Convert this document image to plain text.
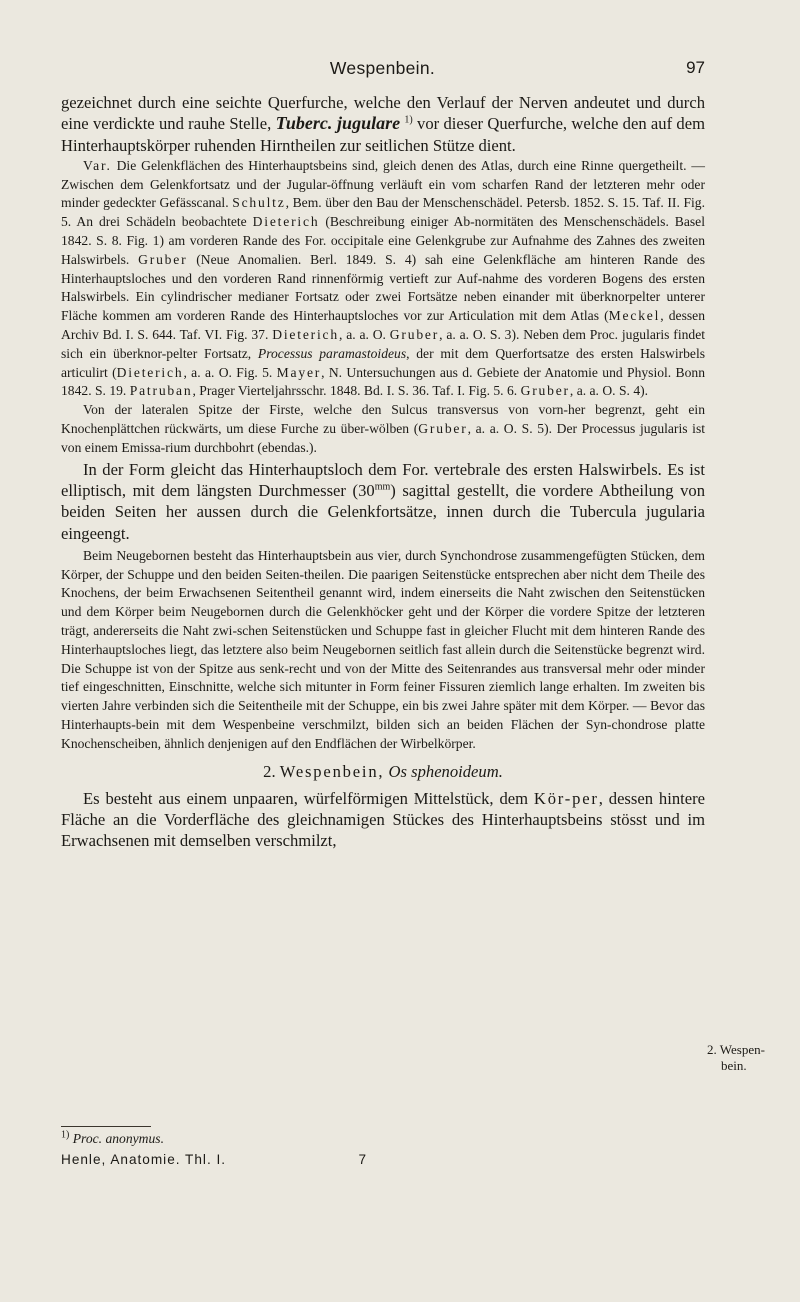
Wespenbein.	97

gezeichnet durch eine seichte Querfurche, welche den Verlauf der Nerven andeutet und durch eine verdickte und rauhe Stelle, Tuberc. jugulare $^{1)}$ vor dieser Querfurche, welche den auf dem Hinterhauptskörper ruhenden Hirntheilen zur seitlichen Stütze dient.

Var. Die Gelenkflächen des Hinterhauptsbeins sind, gleich denen des Atlas, durch eine Rinne quergetheilt. — Zwischen dem Gelenkfortsatz und der Jugular-öffnung verläuft ein vom scharfen Rand der letzteren mehr oder minder gedeckter Gefässcanal. Schultz, Bem. über den Bau der Menschenschädel. Petersb. 1852. S. 15. Taf. II. Fig. 5. An drei Schädeln beobachtete Dieterich (Beschreibung einiger Ab-normitäten des Menschenschädels. Basel 1842. S. 8. Fig. 1) am vorderen Rande des For. occipitale eine Gelenkgrube zur Aufnahme des Zahnes des zweiten Halswirbels. Gruber (Neue Anomalien. Berl. 1849. S. 4) sah eine Gelenkfläche am hinteren Rande des Hinterhauptsloches und den vorderen Rand rinnenförmig vertieft zur Auf-nahme des vorderen Bogens des ersten Halswirbels. Ein cylindrischer medianer Fortsatz oder zwei Fortsätze neben einander mit überknorpelter unterer Fläche kommen am vorderen Rande des Hinterhauptsloches vor zur Articulation mit dem Atlas (Meckel, dessen Archiv Bd. I. S. 644. Taf. VI. Fig. 37. Dieterich, a. a. O. Gruber, a. a. O. S. 3). Neben dem Proc. jugularis findet sich ein überknor-pelter Fortsatz, Processus paramastoideus, der mit dem Querfortsatze des ersten Halswirbels articulirt (Dieterich, a. a. O. Fig. 5. Mayer, N. Untersuchungen aus d. Gebiete der Anatomie und Physiol. Bonn 1842. S. 19. Patruban, Prager Vierteljahrsschr. 1848. Bd. I. S. 36. Taf. I. Fig. 5. 6. Gruber, a. a. O. S. 4).

Von der lateralen Spitze der Firste, welche den Sulcus transversus von vorn-her begrenzt, geht ein Knochenplättchen rückwärts, um diese Furche zu über-wölben (Gruber, a. a. O. S. 5). Der Processus jugularis ist von einem Emissa-rium durchbohrt (ebendas.).

In der Form gleicht das Hinterhauptsloch dem For. vertebrale des ersten Halswirbels. Es ist elliptisch, mit dem längsten Durchmesser $(30^{mm})$ sagittal gestellt, die vordere Abtheilung von beiden Seiten her aussen durch die Gelenkfortsätze, innen durch die Tubercula jugularia eingeengt.

Beim Neugebornen besteht das Hinterhauptsbein aus vier, durch Synchondrose zusammengefügten Stücken, dem Körper, der Schuppe und den beiden Seiten-theilen. Die paarigen Seitenstücke entsprechen aber nicht dem Theile des Knochens, der beim Erwachsenen Seitentheil genannt wird, indem einerseits die Naht zwischen den Seitenstücken und dem Körper beim Neugebornen durch die Gelenkhöcker geht und der Körper die vordere Spitze der letzteren trägt, andererseits die Naht zwi-schen Seitenstücken und Schuppe fast in gleicher Flucht mit dem hinteren Rande des Hinterhauptsloches liegt, das letztere also beim Neugebornen seitlich fast allein durch die Seitenstücke begrenzt wird. Die Schuppe ist von der Spitze aus senk-recht und von der Mitte des Seitenrandes aus transversal mehr oder minder tief eingeschnitten, Einschnitte, welche sich mitunter in Form feiner Fissuren ziemlich lange erhalten. Im zweiten bis vierten Jahre verbinden sich die Seitentheile mit der Schuppe, ein bis zwei Jahre später mit dem Körper. — Bevor das Hinterhaupts-bein mit dem Wespenbeine verschmilzt, bilden sich an beiden Flächen der Syn-chondrose platte Knochenscheiben, ähnlich denjenigen auf den Endflächen der Wirbelkörper.

2. Wespenbein, Os sphenoideum.

Es besteht aus einem unpaaren, würfelförmigen Mittelstück, dem Kör-per, dessen hintere Fläche an die Vorderfläche des gleichnamigen Stückes des Hinterhauptsbeins stösst und im Erwachsenen mit demselben verschmilzt,

2. Wespen-
bein.
$^{1)}$ Proc. anonymus.
Henle, Anatomie. Thl. I.	7
